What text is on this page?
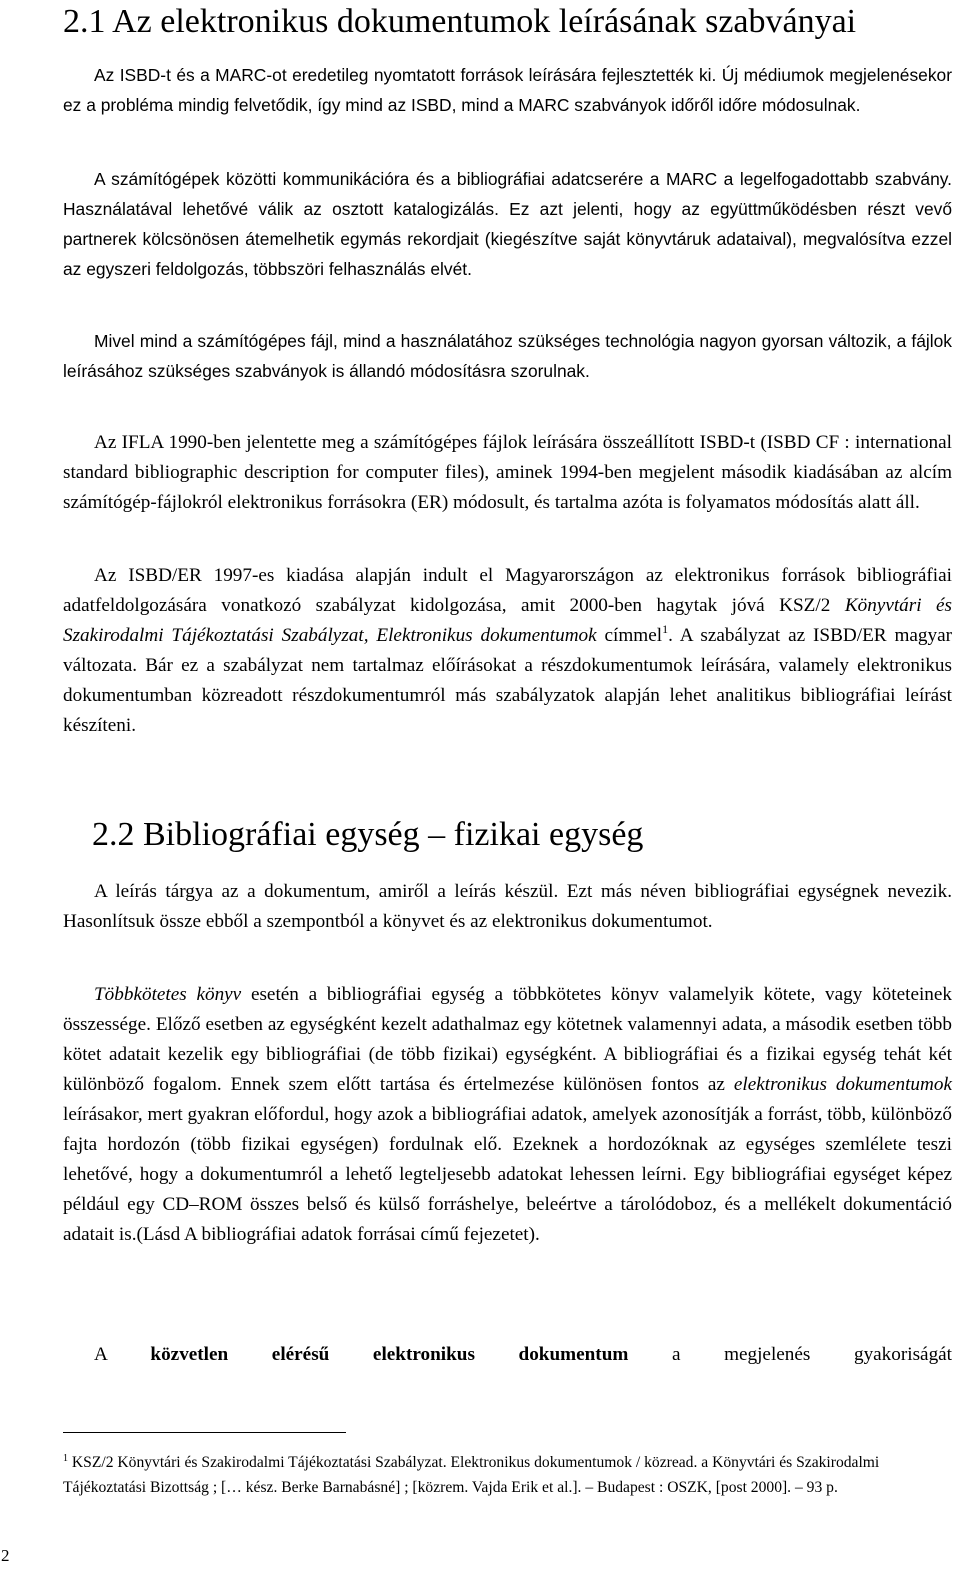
2.1 Az elektronikus dokumentumok leírásának szabványai

Az ISBD-t és a MARC-ot eredetileg nyomtatott források leírására fejlesztették ki. Új médiumok megjelenésekor ez a probléma mindig felvetődik, így mind az ISBD, mind a MARC szabványok időről időre módosulnak.

A számítógépek közötti kommunikációra és a bibliográfiai adatcserére a MARC a legelfogadottabb szabvány. Használatával lehetővé válik az osztott katalogizálás. Ez azt jelenti, hogy az együttműködésben részt vevő partnerek kölcsönösen átemelhetik egymás rekordjait (kiegészítve saját könyvtáruk adataival), megvalósítva ezzel az egyszeri feldolgozás, többszöri felhasználás elvét.

Mivel mind a számítógépes fájl, mind a használatához szükséges technológia nagyon gyorsan változik, a fájlok leírásához szükséges szabványok is állandó módosításra szorulnak.

Az IFLA 1990-ben jelentette meg a számítógépes fájlok leírására összeállított ISBD-t (ISBD CF : international standard bibliographic description for computer files), aminek 1994-ben megjelent második kiadásában az alcím számítógép-fájlokról elektronikus forrásokra (ER) módosult, és tartalma azóta is folyamatos módosítás alatt áll.

Az ISBD/ER 1997-es kiadása alapján indult el Magyarországon az elektronikus források bibliográfiai adatfeldolgozására vonatkozó szabályzat kidolgozása, amit 2000-ben hagytak jóvá KSZ/2 Könyvtári és Szakirodalmi Tájékoztatási Szabályzat, Elektronikus dokumentumok címmel$^1$. A szabályzat az ISBD/ER magyar változata. Bár ez a szabályzat nem tartalmaz előírásokat a részdokumentumok leírására, valamely elektronikus dokumentumban közreadott részdokumentumról más szabályzatok alapján lehet analitikus bibliográfiai leírást készíteni.

2.2 Bibliográfiai egység – fizikai egység

A leírás tárgya az a dokumentum, amiről a leírás készül. Ezt más néven bibliográfiai egységnek nevezik. Hasonlítsuk össze ebből a szempontból a könyvet és az elektronikus dokumentumot.

Többkötetes könyv esetén a bibliográfiai egység a többkötetes könyv valamelyik kötete, vagy köteteinek összessége. Előző esetben az egységként kezelt adathalmaz egy kötetnek valamennyi adata, a második esetben több kötet adatait kezelik egy bibliográfiai (de több fizikai) egységként. A bibliográfiai és a fizikai egység tehát két különböző fogalom. Ennek szem előtt tartása és értelmezése különösen fontos az elektronikus dokumentumok leírásakor, mert gyakran előfordul, hogy azok a bibliográfiai adatok, amelyek azonosítják a forrást, több, különböző fajta hordozón (több fizikai egységen) fordulnak elő. Ezeknek a hordozóknak az egységes szemlélete teszi lehetővé, hogy a dokumentumról a lehető legteljesebb adatokat lehessen leírni. Egy bibliográfiai egységet képez például egy CD–ROM összes belső és külső forráshelye, beleértve a tárolódoboz, és a mellékelt dokumentáció adatait is.(Lásd A bibliográfiai adatok forrásai című fejezetet).

A közvetlen elérésű elektronikus dokumentum a megjelenés gyakoriságát

$^1$ KSZ/2 Könyvtári és Szakirodalmi Tájékoztatási Szabályzat. Elektronikus dokumentumok / közread. a Könyvtári és Szakirodalmi Tájékoztatási Bizottság ; [… kész. Berke Barnabásné] ; [közrem. Vajda Erik et al.]. – Budapest : OSZK, [post 2000]. – 93 p.
2
